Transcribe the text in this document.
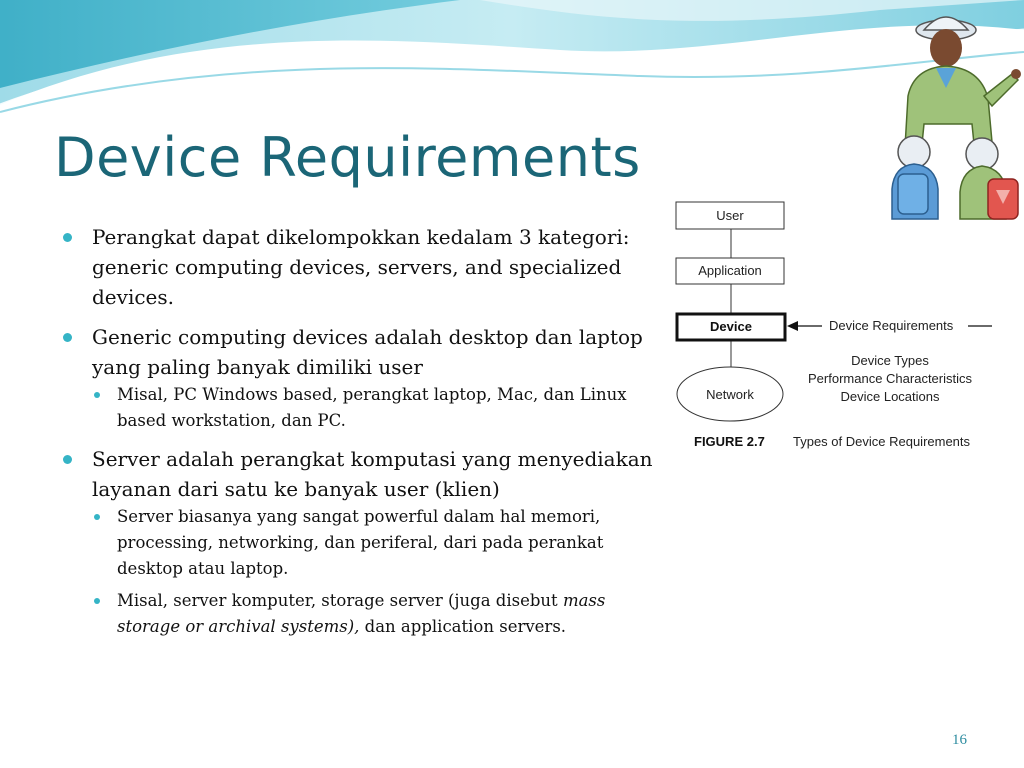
Device Requirements
Perangkat dapat dikelompokkan kedalam 3 kategori: generic computing devices, servers, and specialized devices.
Generic computing devices adalah desktop dan laptop yang paling banyak dimiliki user
Misal, PC Windows based, perangkat laptop, Mac, dan Linux based workstation, dan PC.
Server adalah perangkat komputasi yang menyediakan layanan dari satu ke banyak user (klien)
Server biasanya yang sangat powerful dalam hal memori, processing, networking, dan periferal, dari pada perankat desktop atau laptop.
Misal, server komputer, storage server (juga disebut mass storage or archival systems), dan application servers.
User
Application
Device
Network
Device Requirements
Device Types
Performance Characteristics
Device Locations
FIGURE 2.7 Types of Device Requirements
16
